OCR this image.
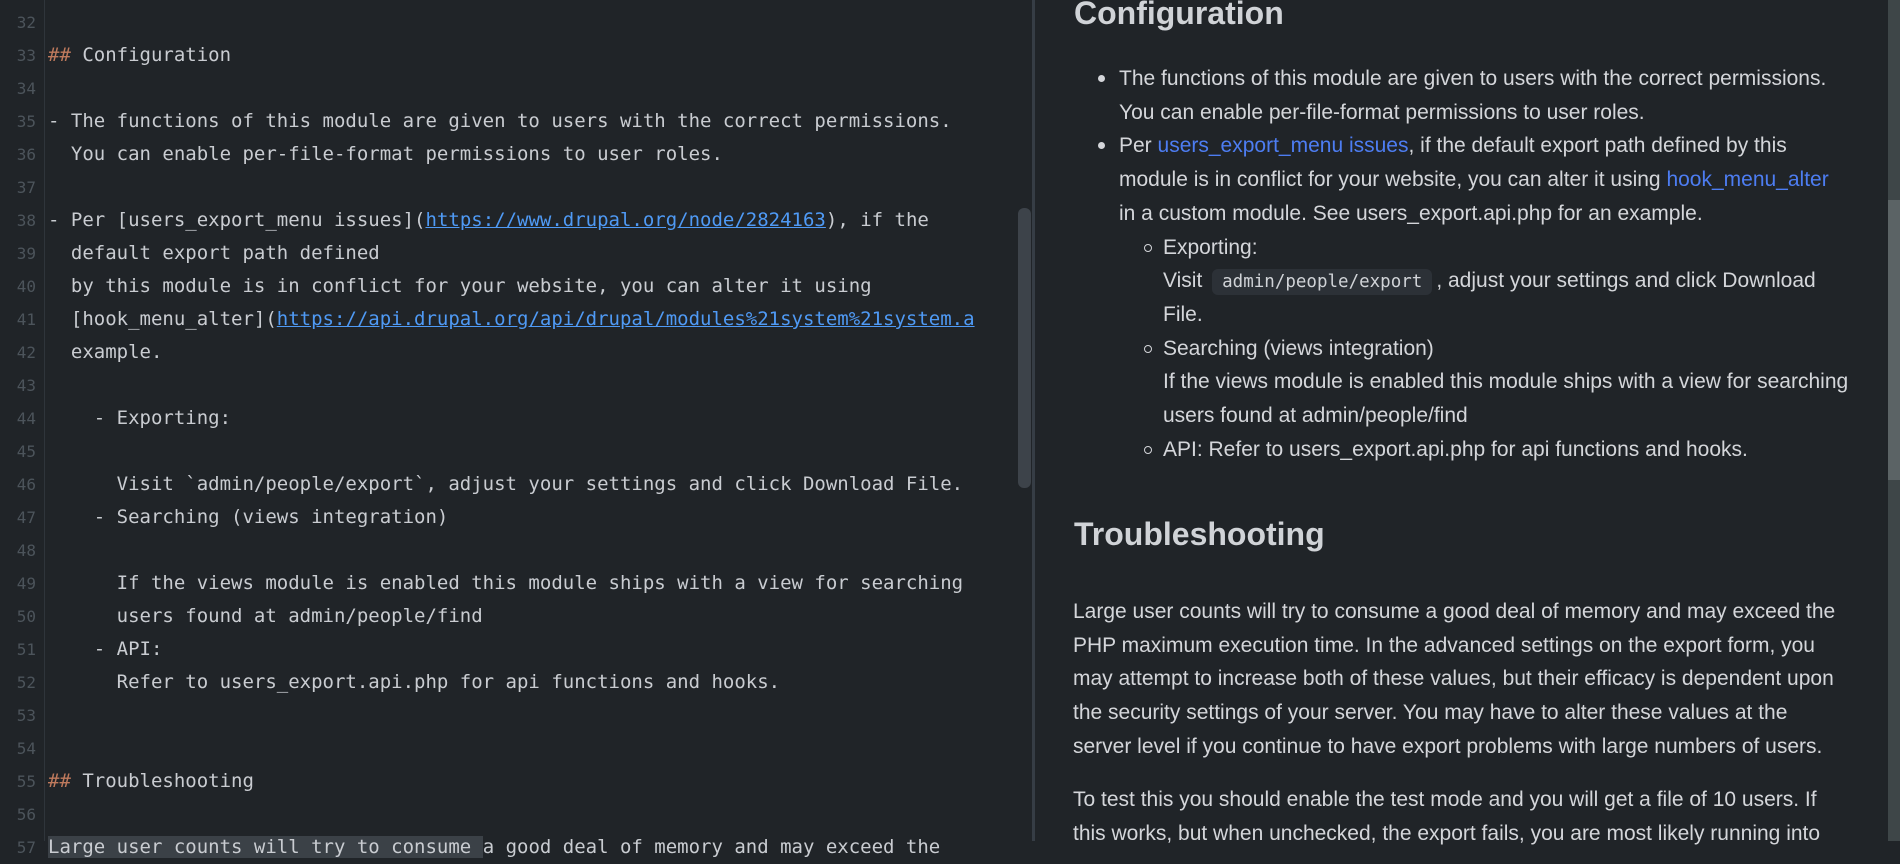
32
33 ## Configuration
34
35 - The functions of this module are given to users with the correct permissions.
36 You can enable per-file-format permissions to user roles.
37
38 - Per [users_export_menu issues](https://www.drupal.org/node/2824163), if the
39 default export path defined
40 by this module is in conflict for your website, you can alter it using
41 [hook_menu_alter](https://api.drupal.org/api/drupal/modules%21system%21system.a
42 example.
43
44 - Exporting:
45
46 Visit `admin/people/export`, adjust your settings and click Download File.
47 - Searching (views integration)
48
49 If the views module is enabled this module ships with a view for searching
50 users found at admin/people/find
51 - API:
52 Refer to users_export.api.php for api functions and hooks.
53
54
55 ## Troubleshooting
56
57 Large user counts will try to consume a good deal of memory and may exceed the
Configuration
The functions of this module are given to users with the correct permissions.
You can enable per-file-format permissions to user roles.
Per users_export_menu issues, if the default export path defined by this
module is in conflict for your website, you can alter it using hook_menu_alter
in a custom module. See users_export.api.php for an example.
Exporting:
Visit admin/people/export , adjust your settings and click Download
File.
Searching (views integration)
If the views module is enabled this module ships with a view for searching
users found at admin/people/find
API: Refer to users_export.api.php for api functions and hooks.
Troubleshooting
Large user counts will try to consume a good deal of memory and may exceed the
PHP maximum execution time. In the advanced settings on the export form, you
may attempt to increase both of these values, but their efficacy is dependent upon
the security settings of your server. You may have to alter these values at the
server level if you continue to have export problems with large numbers of users.
To test this you should enable the test mode and you will get a file of 10 users. If
this works, but when unchecked, the export fails, you are most likely running into
